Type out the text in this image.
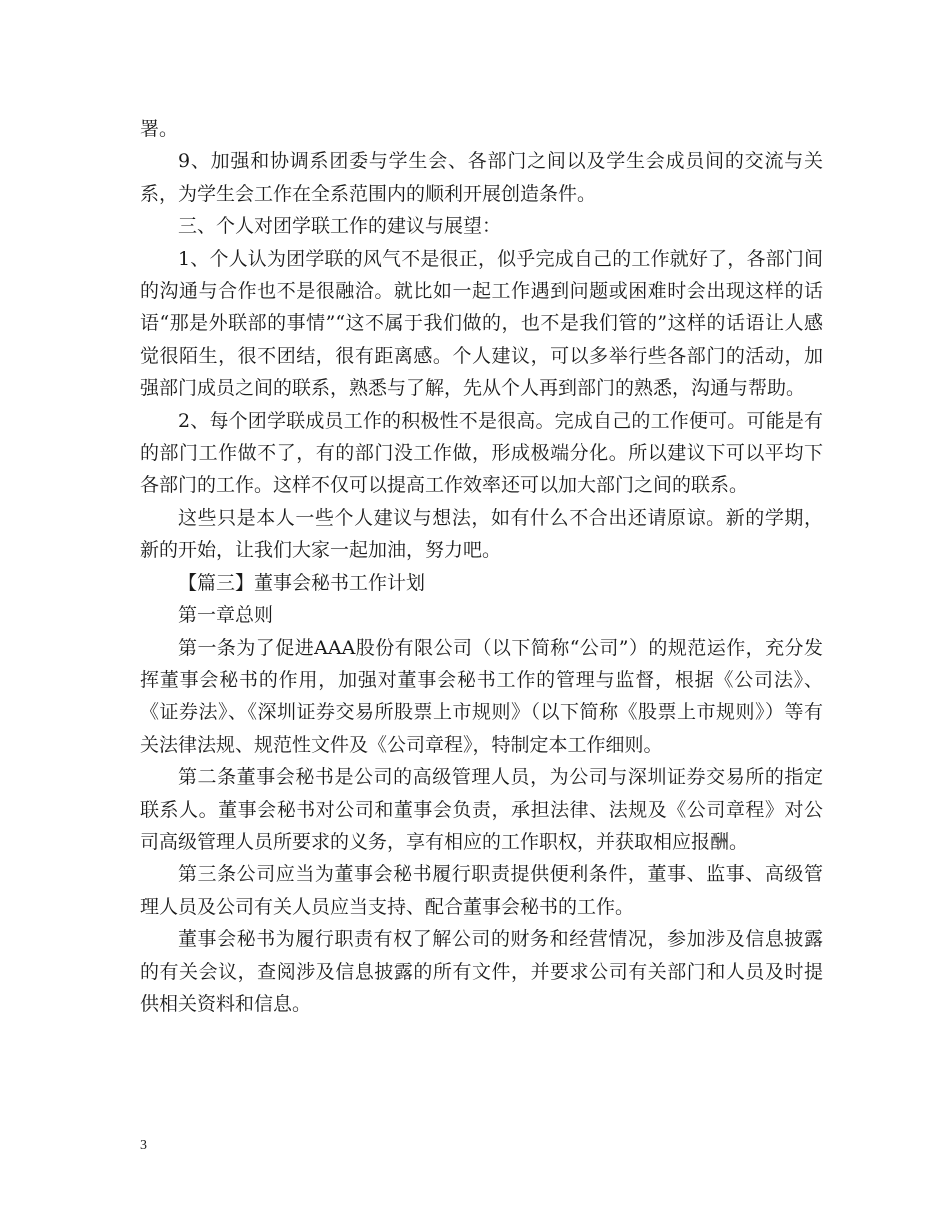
署。

9、加强和协调系团委与学生会、各部门之间以及学生会成员间的交流与关系，为学生会工作在全系范围内的顺利开展创造条件。

三、个人对团学联工作的建议与展望：

1、个人认为团学联的风气不是很正，似乎完成自己的工作就好了，各部门间的沟通与合作也不是很融洽。就比如一起工作遇到问题或困难时会出现这样的话语“那是外联部的事情”“这不属于我们做的，也不是我们管的”这样的话语让人感觉很陌生，很不团结，很有距离感。个人建议，可以多举行些各部门的活动，加强部门成员之间的联系，熟悉与了解，先从个人再到部门的熟悉，沟通与帮助。

2、每个团学联成员工作的积极性不是很高。完成自己的工作便可。可能是有的部门工作做不了，有的部门没工作做，形成极端分化。所以建议下可以平均下各部门的工作。这样不仅可以提高工作效率还可以加大部门之间的联系。

这些只是本人一些个人建议与想法，如有什么不合出还请原谅。新的学期，新的开始，让我们大家一起加油，努力吧。

【篇三】董事会秘书工作计划

第一章总则

第一条为了促进AAA股份有限公司（以下简称“公司”）的规范运作，充分发挥董事会秘书的作用，加强对董事会秘书工作的管理与监督，根据《公司法》、《证券法》、《深圳证券交易所股票上市规则》（以下简称《股票上市规则》）等有关法律法规、规范性文件及《公司章程》，特制定本工作细则。

第二条董事会秘书是公司的高级管理人员，为公司与深圳证券交易所的指定联系人。董事会秘书对公司和董事会负责，承担法律、法规及《公司章程》对公司高级管理人员所要求的义务，享有相应的工作职权，并获取相应报酬。

第三条公司应当为董事会秘书履行职责提供便利条件，董事、监事、高级管理人员及公司有关人员应当支持、配合董事会秘书的工作。

董事会秘书为履行职责有权了解公司的财务和经营情况，参加涉及信息披露的有关会议，查阅涉及信息披露的所有文件，并要求公司有关部门和人员及时提供相关资料和信息。

3
